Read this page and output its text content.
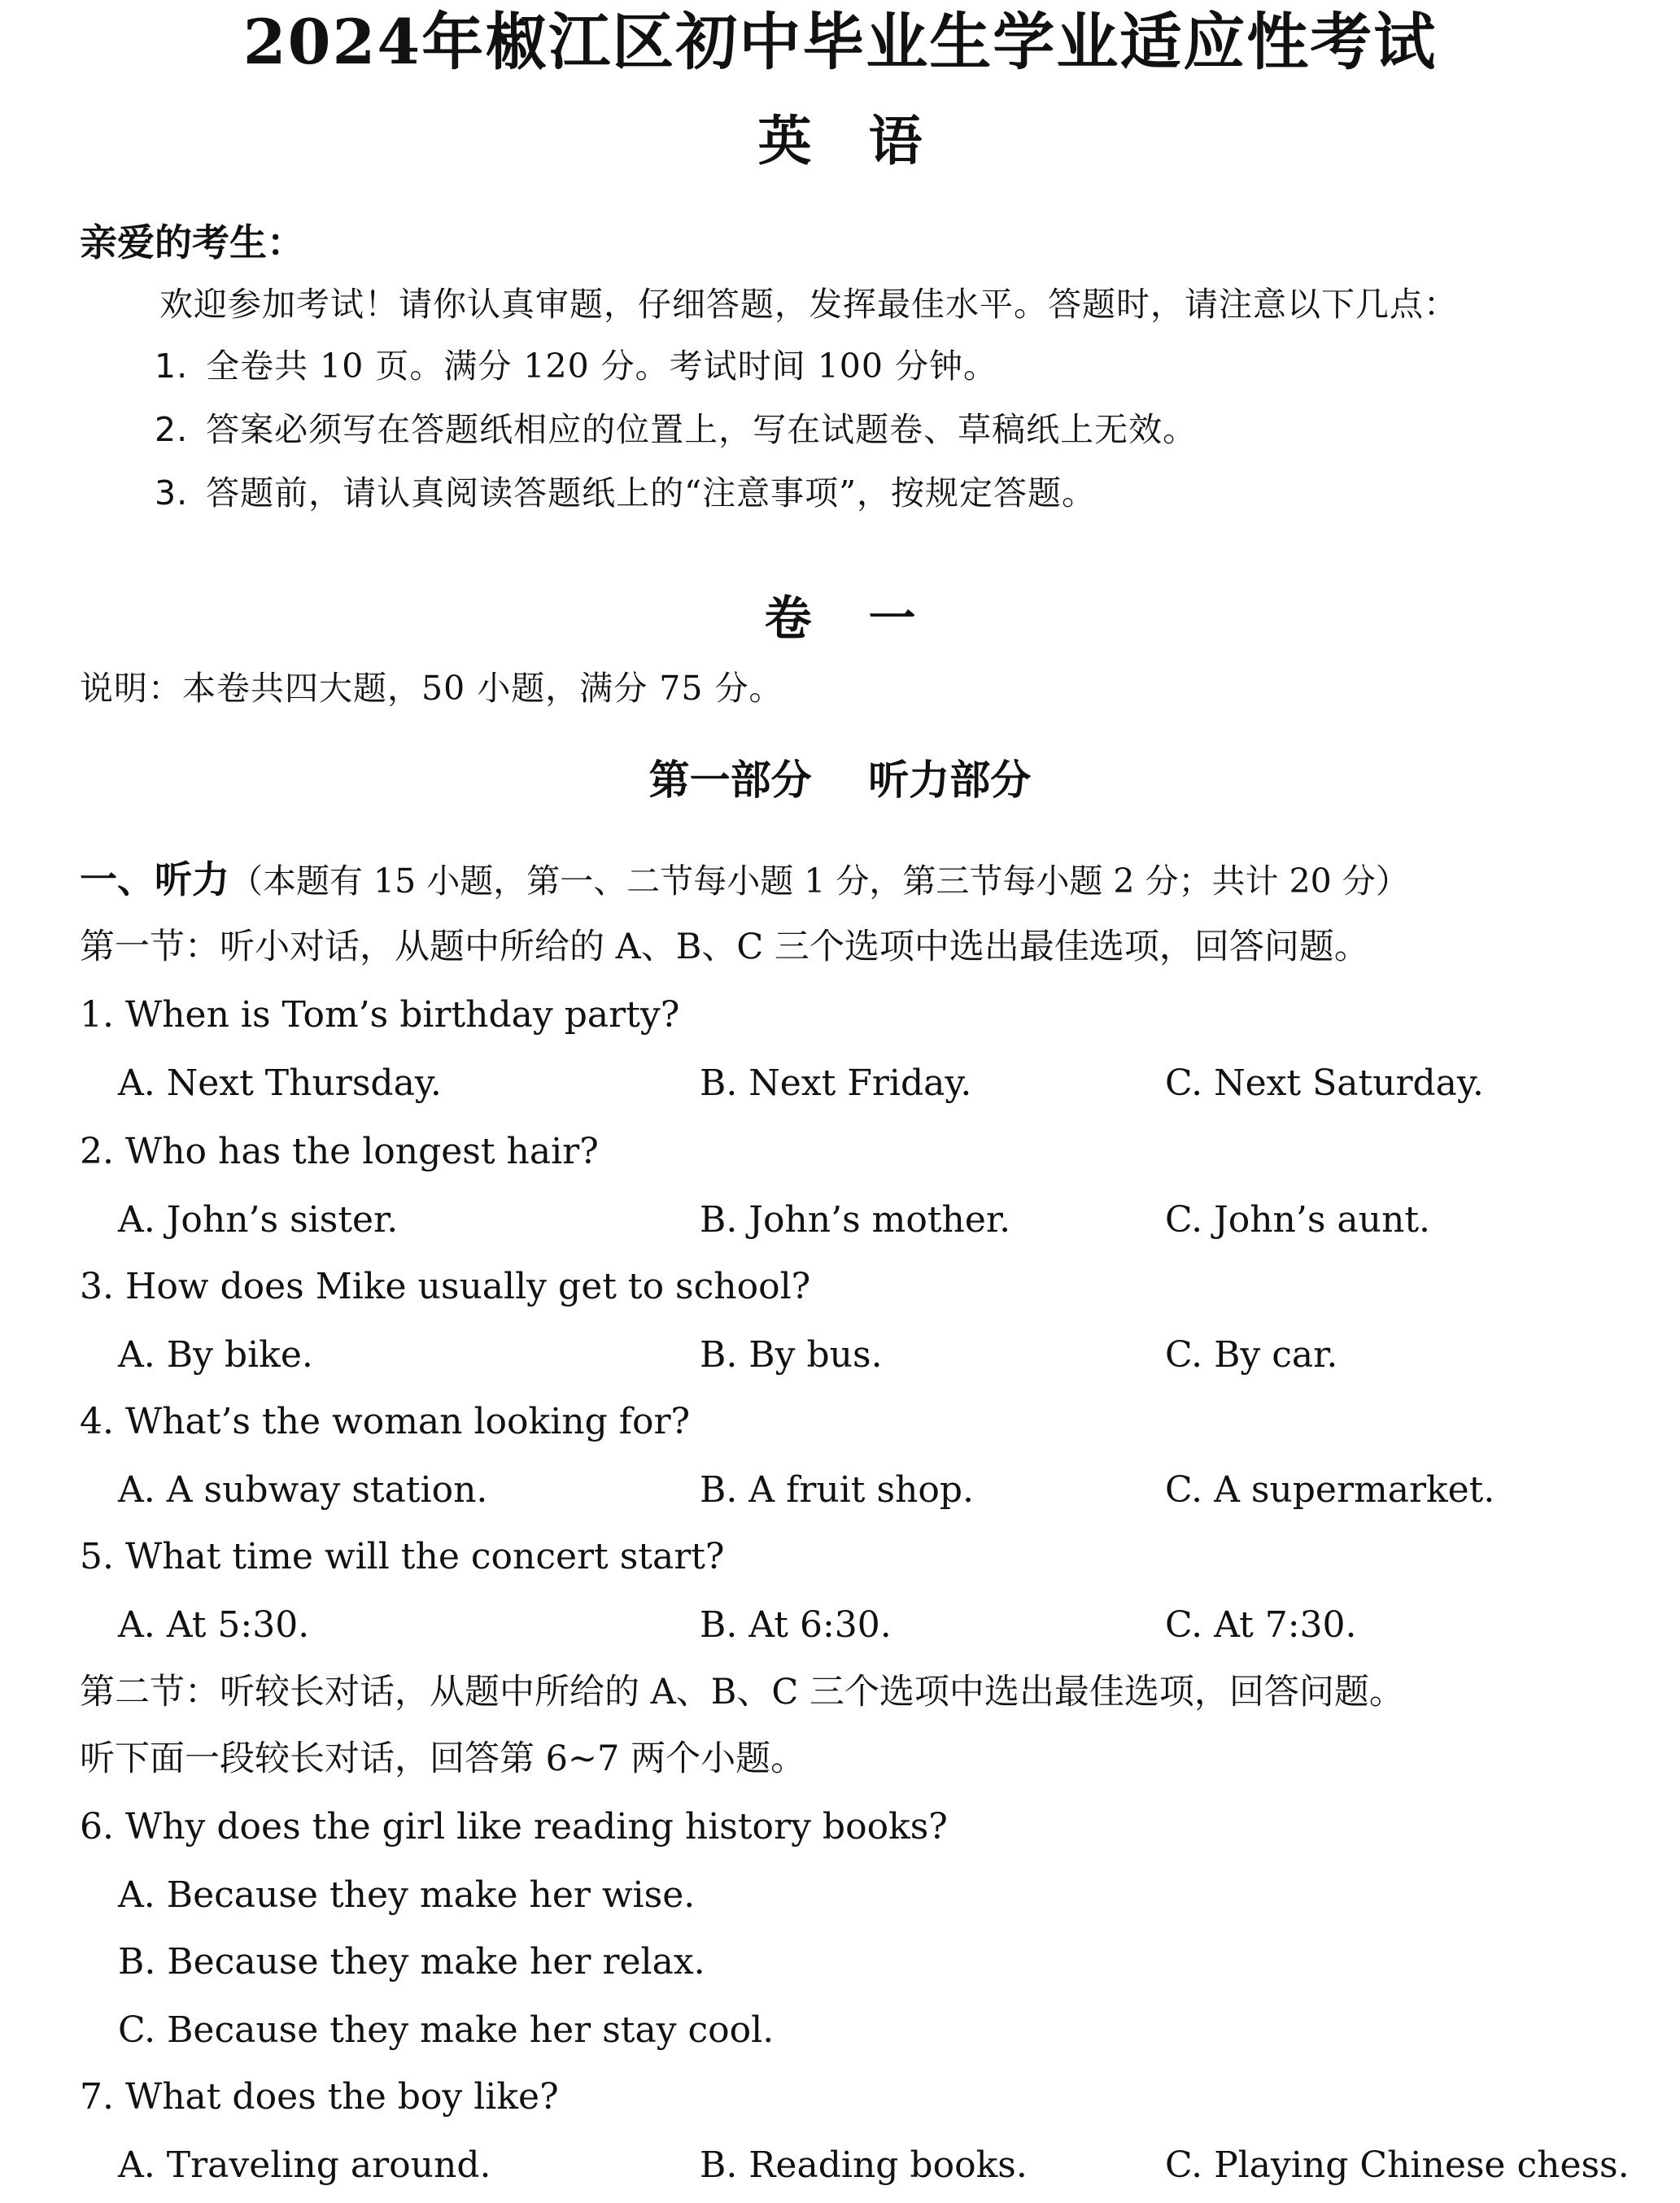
2024年椒江区初中毕业生学业适应性考试
英语
亲爱的考生：
欢迎参加考试！请你认真审题，仔细答题，发挥最佳水平。答题时，请注意以下几点：
1. 全卷共 10 页。满分 120 分。考试时间 100 分钟。
2. 答案必须写在答题纸相应的位置上，写在试题卷、草稿纸上无效。
3. 答题前，请认真阅读答题纸上的“注意事项”，按规定答题。
卷一
说明：本卷共四大题，50 小题，满分 75 分。
第一部分    听力部分
一、听力（本题有 15 小题，第一、二节每小题 1 分，第三节每小题 2 分；共计 20 分）
第一节：听小对话，从题中所给的 A、B、C 三个选项中选出最佳选项，回答问题。
1. When is Tom’s birthday party?
A. Next Thursday.	B. Next Friday.	C. Next Saturday.
2. Who has the longest hair?
A. John’s sister.	B. John’s mother.	C. John’s aunt.
3. How does Mike usually get to school?
A. By bike.	B. By bus.	C. By car.
4. What’s the woman looking for?
A. A subway station.	B. A fruit shop.	C. A supermarket.
5. What time will the concert start?
A. At 5:30.	B. At 6:30.	C. At 7:30.
第二节：听较长对话，从题中所给的 A、B、C 三个选项中选出最佳选项，回答问题。
听下面一段较长对话，回答第 6~7 两个小题。
6. Why does the girl like reading history books?
A. Because they make her wise.
B. Because they make her relax.
C. Because they make her stay cool.
7. What does the boy like?
A. Traveling around.	B. Reading books.	C. Playing Chinese chess.
